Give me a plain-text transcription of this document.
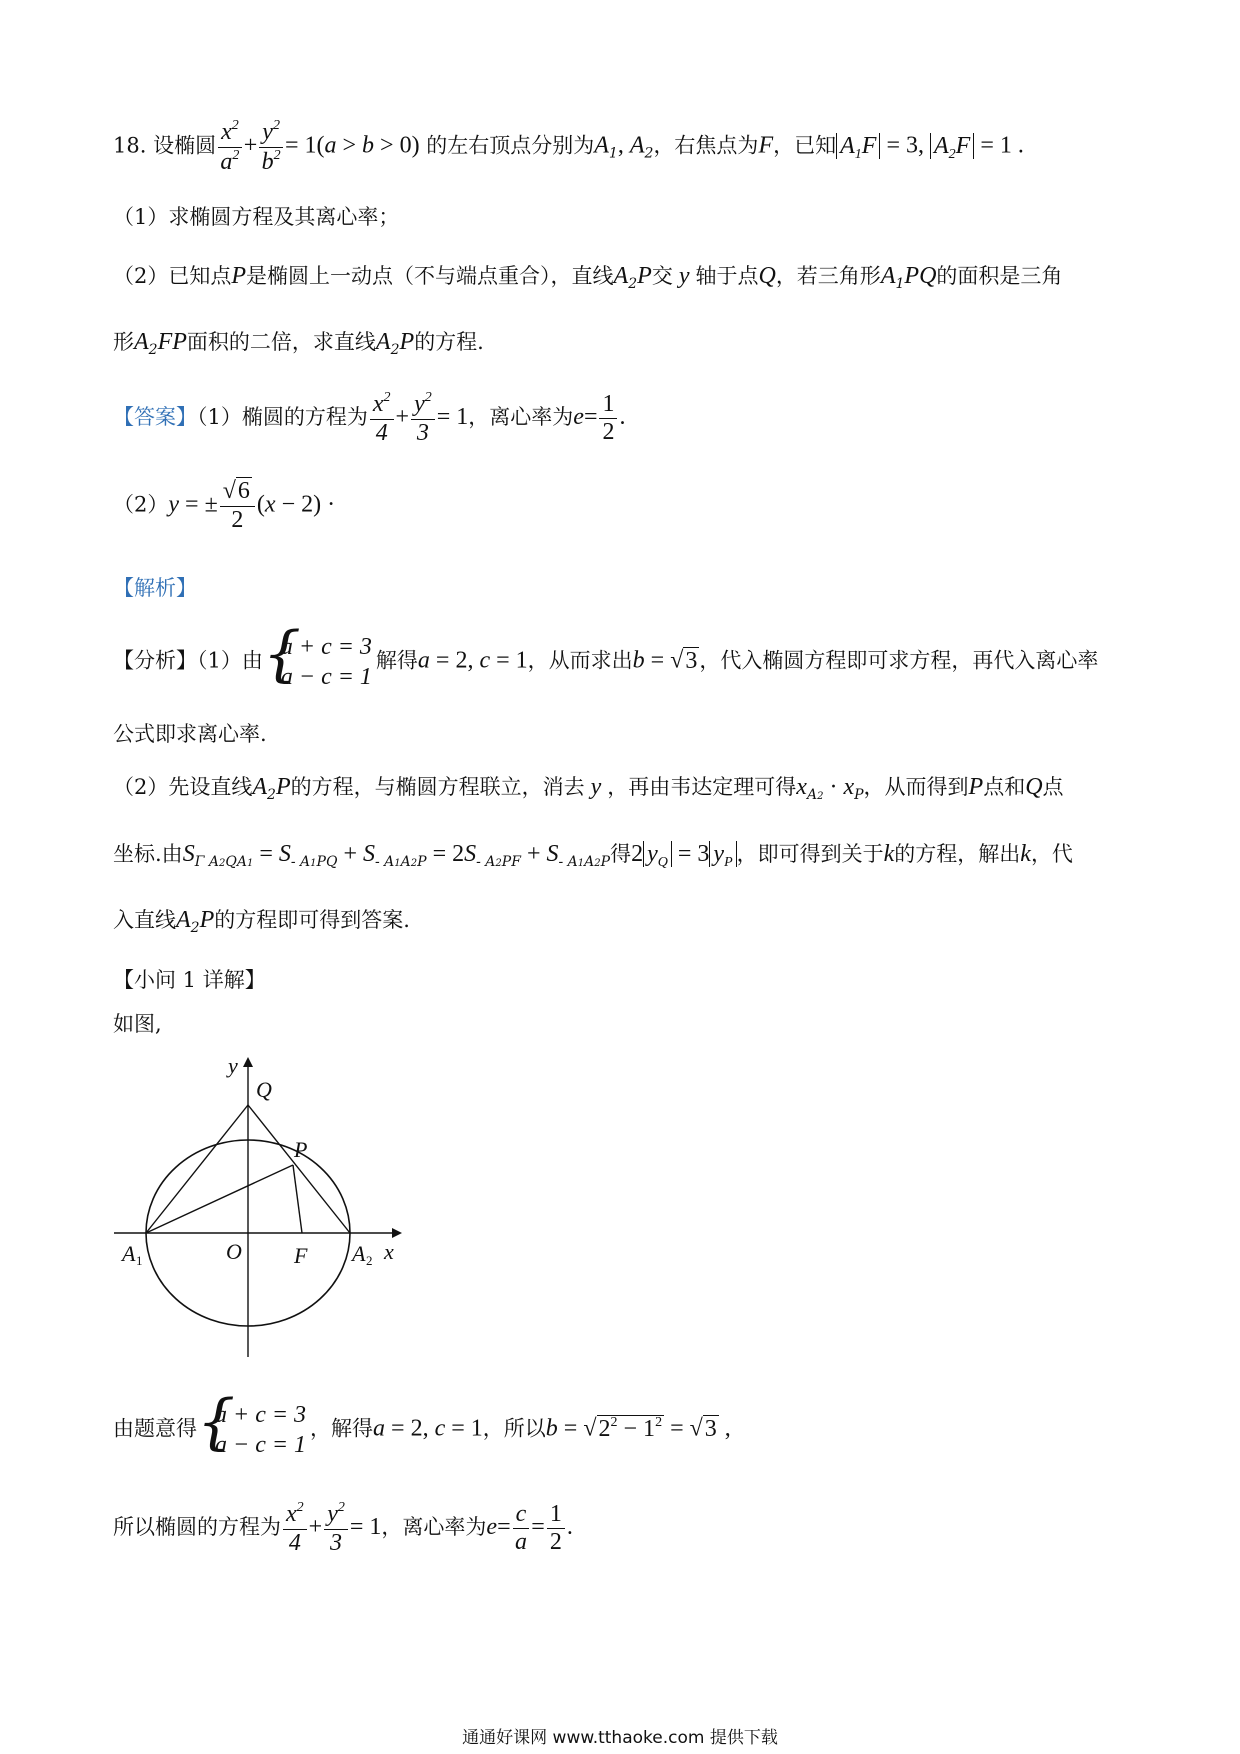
18. 设椭圆 $\frac{x^2}{a^2} + \frac{y^2}{b^2} = 1(a > b > 0)$ 的左右顶点分别为$A_1$, $A_2$，右焦点为F，已知 $A_1F = 3$, $A_2F = 1$ .
（1）求椭圆方程及其离心率；
（2）已知点P是椭圆上一动点（不与端点重合），直线$A_2P$交 y 轴于点Q，若三角形$A_1PQ$的面积是三角
形$A_2FP$面积的二倍，求直线$A_2P$的方程.
【答案】（1）椭圆的方程为 $\frac{x^2}{4} + \frac{y^2}{3} = 1$，离心率为$e= \frac{1}{2}$ .
（2）y = ± $\frac{√6}{2} (x - 2)$ ·
【解析】
【分析】（1）由
{ a + c = 3
a − c = 1
解得a = 2, c = 1，从而求出b = √3，代入椭圆方程即可求方程，再代入离心率
公式即求离心率.
（2）先设直线$A_2P$的方程，与椭圆方程联立，消去 y ，再由韦达定理可得$x_{A2} \cdot x_P$，从而得到P点和Q点
坐标.由$S_{\Gamma A2QA1} = S_{- A1PQ} + S_{- A1A2P} = 2S_{- A2PF} + S_{- A1A2P}$得2 $y_Q = 3$ $y_P$ ，即可得到关于k的方程，解出k，代
入直线$A_2P$的方程即可得到答案.
【小问 1 详解】
如图,
y
Q
P
A 1	O F A 2 x
由题意得
{ a + c = 3
a − c = 1
，解得a = 2, c = 1，所以$b = √2^2 - 1^2 = √3$ ,
所以椭圆的方程为 $\frac{x^2}{4} + \frac{y^2}{3} = 1$，离心率为$e= \frac{c}{a} = \frac{1}{2}$ .
通通好课网 www.tthaoke.com 提供下载
